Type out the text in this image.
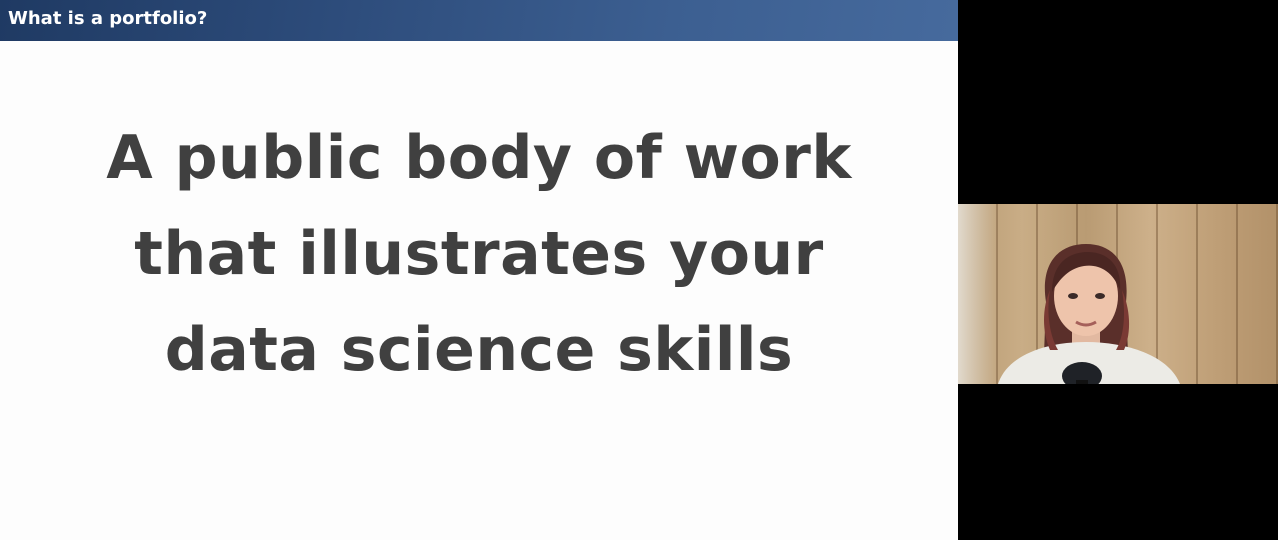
What is a portfolio?
A public body of work
that illustrates your
data science skills
